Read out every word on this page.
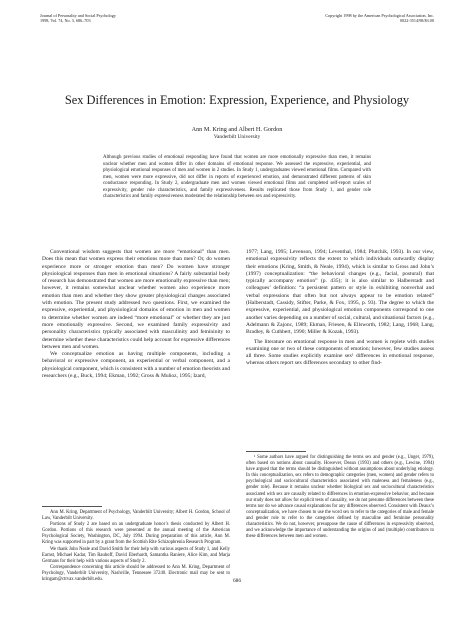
Journal of Personality and Social Psychology
1998, Vol. 74, No. 3, 686–703
Copyright 1998 by the American Psychological Association, Inc.
0022-3514/98/$3.00
Sex Differences in Emotion: Expression, Experience, and Physiology
Ann M. Kring and Albert H. Gordon
Vanderbilt University
Although previous studies of emotional responding have found that women are more emotionally expressive than men, it remains unclear whether men and women differ in other domains of emotional response. We assessed the expressive, experiential, and physiological emotional responses of men and women in 2 studies. In Study 1, undergraduates viewed emotional films. Compared with men, women were more expressive, did not differ in reports of experienced emotion, and demonstrated different patterns of skin conductance responding. In Study 2, undergraduate men and women viewed emotional films and completed self-report scales of expressivity, gender role characteristics, and family expressiveness. Results replicated those from Study 1, and gender role characteristics and family expressiveness moderated the relationship between sex and expressivity.

Conventional wisdom suggests that women are more “emotional” than men. Does this mean that women express their emotions more than men? Or, do women experience more or stronger emotion than men? Do women have stronger physiological responses than men in emotional situations? A fairly substantial body of research has demonstrated that women are more emotionally expressive than men; however, it remains somewhat unclear whether women also experience more emotion than men and whether they show greater physiological changes associated with emotion. The present study addressed two questions. First, we examined the expressive, experiential, and physiological domains of emotion in men and women to determine whether women are indeed “more emotional” or whether they are just more emotionally expressive. Second, we examined family expressivity and personality characteristics typically associated with masculinity and femininity to determine whether these characteristics could help account for expressive differences between men and women.

We conceptualize emotion as having multiple components, including a behavioral or expressive component, an experiential or verbal component, and a physiological component, which is consistent with a number of emotion theorists and researchers (e.g., Buck, 1994; Ekman, 1992; Gross & Muñoz, 1995; Izard,

Ann M. Kring, Department of Psychology, Vanderbilt University; Albert H. Gordon, School of Law, Vanderbilt University.

Portions of Study 2 are based on an undergraduate honor’s thesis conducted by Albert H. Gordon. Portions of this research were presented at the annual meeting of the American Psychological Society, Washington, DC, July 1994. During preparation of this article, Ann M. Kring was supported in part by a grant from the Scottish Rite Schizophrenia Research Program.

We thank John Neale and David Smith for their help with various aspects of Study 1, and Kelly Earnst, Michael Kadar, Tim Rauhoff, David Eberhardt, Samantha Raniere, Alice Kim, and Marja Germans for their help with various aspects of Study 2.

Correspondence concerning this article should be addressed to Ann M. Kring, Department of Psychology, Vanderbilt University, Nashville, Tennessee 37240. Electronic mail may be sent to kringam@ctrvax.vanderbilt.edu.

1977; Lang, 1995; Levenson, 1994; Leventhal, 1984; Plutchik, 1993). In our view, emotional expressivity reflects the extent to which individuals outwardly display their emotions (Kring, Smith, & Neale, 1994), which is similar to Gross and John’s (1997) conceptualization: “the behavioral changes (e.g., facial, postural) that typically accompany emotion” (p. 435); it is also similar to Halberstadt and colleagues’ definition: “a persistent pattern or style in exhibiting nonverbal and verbal expressions that often but not always appear to be emotion related” (Halberstadt, Cassidy, Stifter, Parke, & Fox, 1995, p. 93). The degree to which the expressive, experiential, and physiological emotion components correspond to one another varies depending on a number of social, cultural, and situational factors (e.g., Adelmann & Zajonc, 1989; Ekman, Friesen, & Ellsworth, 1982; Lang, 1968; Lang, Bradley, & Cuthbert, 1990; Miller & Kozak, 1993).

The literature on emotional response in men and women is replete with studies examining one or two of these components of emotion; however, few studies assess all three. Some studies explicitly examine sex¹ differences in emotional response, whereas others report sex differences secondary to other find-

¹ Some authors have argued for distinguishing the terms sex and gender (e.g., Unger, 1979), often based on notions about causality. However, Deaux (1993) and others (e.g., Lewine, 1994) have argued that the terms should be distinguished without assumptions about underlying etiology. In this conceptualization, sex refers to demographic categories (men, women) and gender refers to psychological and sociocultural characteristics associated with maleness and femaleness (e.g., gender role). Because it remains unclear whether biological sex and sociocultural characteristics associated with sex are causally related to differences in emotion-expressive behavior, and because our study does not allow for explicit tests of causality, we do not presume differences between these terms nor do we advance causal explanations for any differences observed. Consistent with Deaux’s conceptualization, we have chosen to use the word sex to refer to the categories of male and female and gender role to refer to the categories defined by masculine and feminine personality characteristics. We do not, however, presuppose the cause of differences in expressivity observed, and we acknowledge the importance of understanding the origins of and (multiple) contributors to these differences between men and women.

686
